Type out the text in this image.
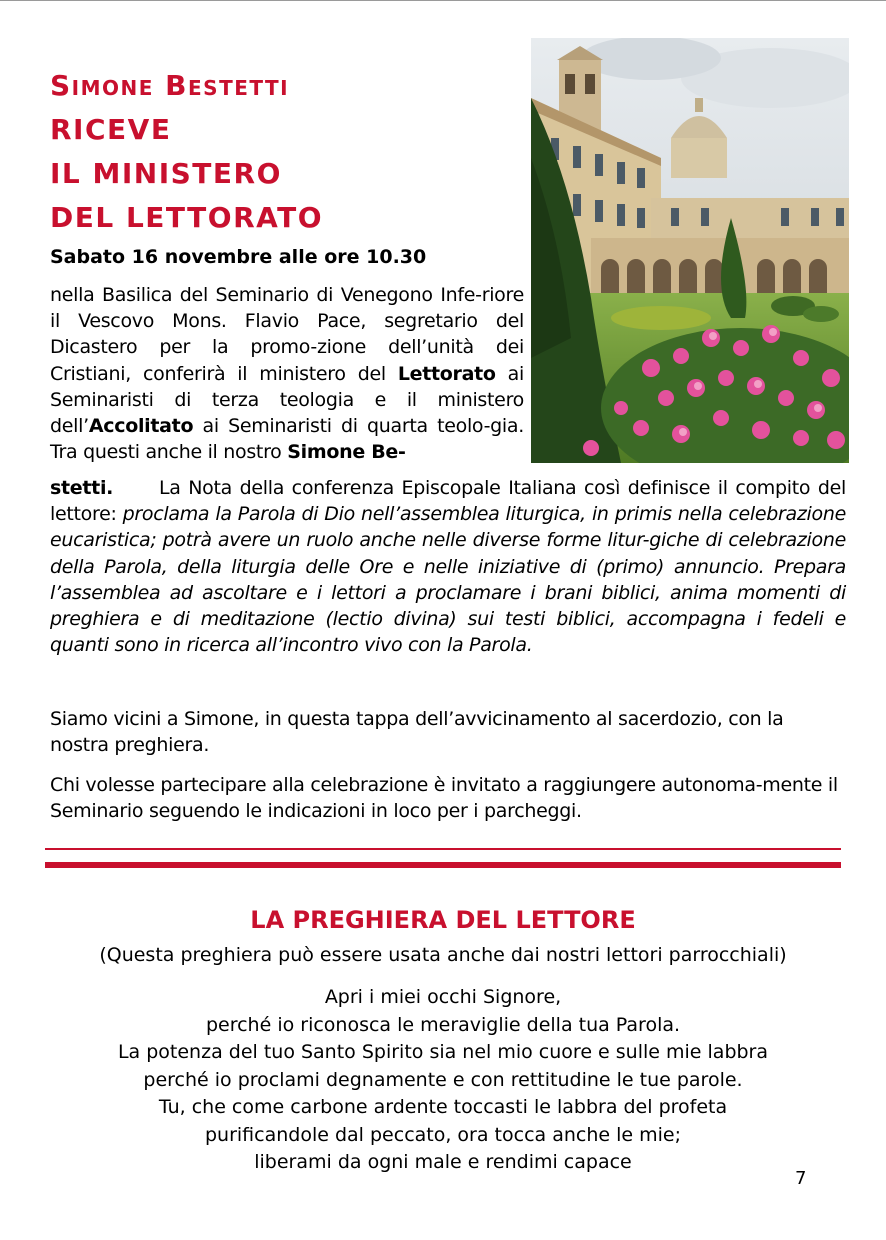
Simone Bestetti
RICEVE
IL MINISTERO
DEL LETTORATO
Sabato 16 novembre alle ore 10.30
nella Basilica del Seminario di Venegono Infe-riore il Vescovo Mons. Flavio Pace, segretario del Dicastero per la promo-zione dell’unità dei Cristiani, conferirà il ministero del Lettorato ai Seminaristi di terza teologia e il ministero dell’Accolitato ai Seminaristi di quarta teolo-gia. Tra questi anche il nostro Simone Be-
stetti.      La Nota della conferenza Episcopale Italiana così definisce il compito del lettore: proclama la Parola di Dio nell’assemblea liturgica, in primis nella celebrazione eucaristica; potrà avere un ruolo anche nelle diverse forme litur-giche di celebrazione della Parola, della liturgia delle Ore e nelle iniziative di (primo) annuncio. Prepara l’assemblea ad ascoltare e i lettori a proclamare i brani biblici, anima momenti di preghiera e di meditazione (lectio divina) sui testi biblici, accompagna i fedeli e quanti sono in ricerca all’incontro vivo con la Parola.
Siamo vicini a Simone, in questa tappa dell’avvicinamento al sacerdozio, con la nostra preghiera.
Chi volesse partecipare alla celebrazione è invitato a raggiungere autonoma-mente il Seminario seguendo le indicazioni in loco per i parcheggi.
LA PREGHIERA DEL LETTORE
(Questa preghiera può essere usata anche dai nostri lettori parrocchiali)
Apri i miei occhi Signore,
perché io riconosca le meraviglie della tua Parola.
La potenza del tuo Santo Spirito sia nel mio cuore e sulle mie labbra
perché io proclami degnamente e con rettitudine le tue parole.
Tu, che come carbone ardente toccasti le labbra del profeta
purificandole dal peccato, ora tocca anche le mie;
liberami da ogni male e rendimi capace
7
